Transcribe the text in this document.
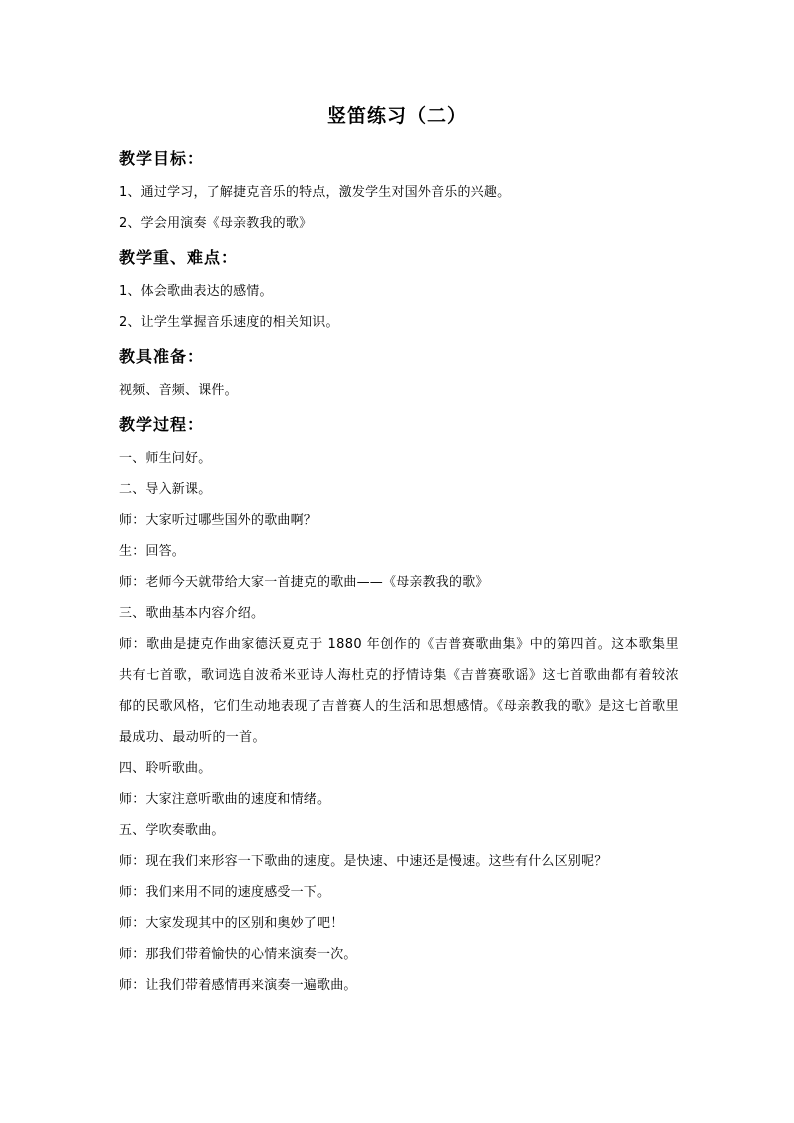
竖笛练习（二）
教学目标：
1、通过学习，了解捷克音乐的特点，激发学生对国外音乐的兴趣。
2、学会用演奏《母亲教我的歌》
教学重、难点：
1、体会歌曲表达的感情。
2、让学生掌握音乐速度的相关知识。
教具准备：
视频、音频、课件。
教学过程：
一、师生问好。
二、导入新课。
师：大家听过哪些国外的歌曲啊？
生：回答。
师：老师今天就带给大家一首捷克的歌曲——《母亲教我的歌》
三、歌曲基本内容介绍。
师：歌曲是捷克作曲家德沃夏克于 1880 年创作的《吉普赛歌曲集》中的第四首。这本歌集里共有七首歌，歌词选自波希米亚诗人海杜克的抒情诗集《吉普赛歌谣》这七首歌曲都有着较浓郁的民歌风格，它们生动地表现了吉普赛人的生活和思想感情。《母亲教我的歌》是这七首歌里最成功、最动听的一首。
四、聆听歌曲。
师：大家注意听歌曲的速度和情绪。
五、学吹奏歌曲。
师：现在我们来形容一下歌曲的速度。是快速、中速还是慢速。这些有什么区别呢？
师：我们来用不同的速度感受一下。
师：大家发现其中的区别和奥妙了吧！
师：那我们带着愉快的心情来演奏一次。
师：让我们带着感情再来演奏一遍歌曲。
